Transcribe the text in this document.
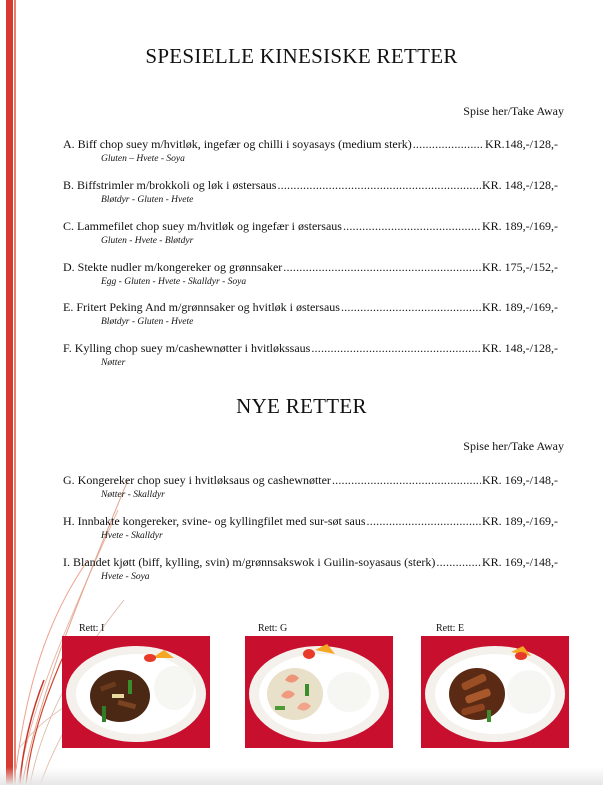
SPESIELLE KINESISKE RETTER
Spise her/Take Away
A. Biff chop suey m/hvitløk, ingefær og chilli i soyasays (medium sterk) .....	KR.148,-/128,-
Gluten – Hvete - Soya
B. Biffstrimler m/brokkoli og løk i østersaus .....	KR. 148,-/128,-
Bløtdyr - Gluten - Hvete
C. Lammefilet chop suey m/hvitløk og ingefær i østersaus .....	KR. 189,-/169,-
Gluten - Hvete - Bløtdyr
D. Stekte nudler m/kongereker og grønnsaker .....	KR. 175,-/152,-
Egg - Gluten - Hvete - Skalldyr - Soya
E. Fritert Peking And m/grønnsaker og hvitløk i østersaus .....	KR. 189,-/169,-
Bløtdyr - Gluten - Hvete
F. Kylling chop suey m/cashewnøtter i hvitløkssaus .....	KR. 148,-/128,-
Nøtter
NYE RETTER
Spise her/Take Away
G. Kongereker chop suey i hvitløksaus og cashewnøtter .....	KR. 169,-/148,-
Nøtter - Skalldyr
H. Innbakte kongereker, svine- og kyllingfilet med sur-søt saus .....	KR. 189,-/169,-
Hvete - Skalldyr
I. Blandet kjøtt (biff, kylling, svin) m/grønnsakswok i Guilin-soyasaus (sterk) .....	KR. 169,-/148,-
Hvete - Soya
Rett: I	Rett: G	Rett: E
